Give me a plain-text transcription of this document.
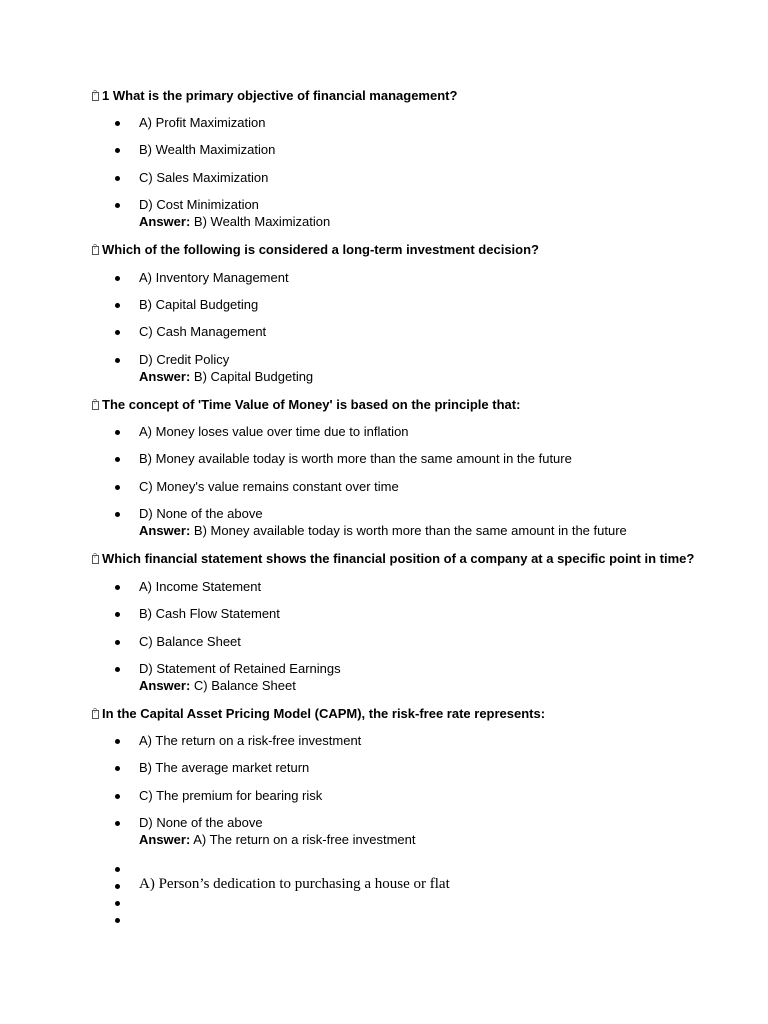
?1 What is the primary objective of financial management?
A) Profit Maximization
B) Wealth Maximization
C) Sales Maximization
D) Cost Minimization
Answer: B) Wealth Maximization
?Which of the following is considered a long-term investment decision?
A) Inventory Management
B) Capital Budgeting
C) Cash Management
D) Credit Policy
Answer: B) Capital Budgeting
?The concept of 'Time Value of Money' is based on the principle that:
A) Money loses value over time due to inflation
B) Money available today is worth more than the same amount in the future
C) Money's value remains constant over time
D) None of the above
Answer: B) Money available today is worth more than the same amount in the future
?Which financial statement shows the financial position of a company at a specific point in time?
A) Income Statement
B) Cash Flow Statement
C) Balance Sheet
D) Statement of Retained Earnings
Answer: C) Balance Sheet
?In the Capital Asset Pricing Model (CAPM), the risk-free rate represents:
A) The return on a risk-free investment
B) The average market return
C) The premium for bearing risk
D) None of the above
Answer: A) The return on a risk-free investment
A) Person’s dedication to purchasing a house or flat
